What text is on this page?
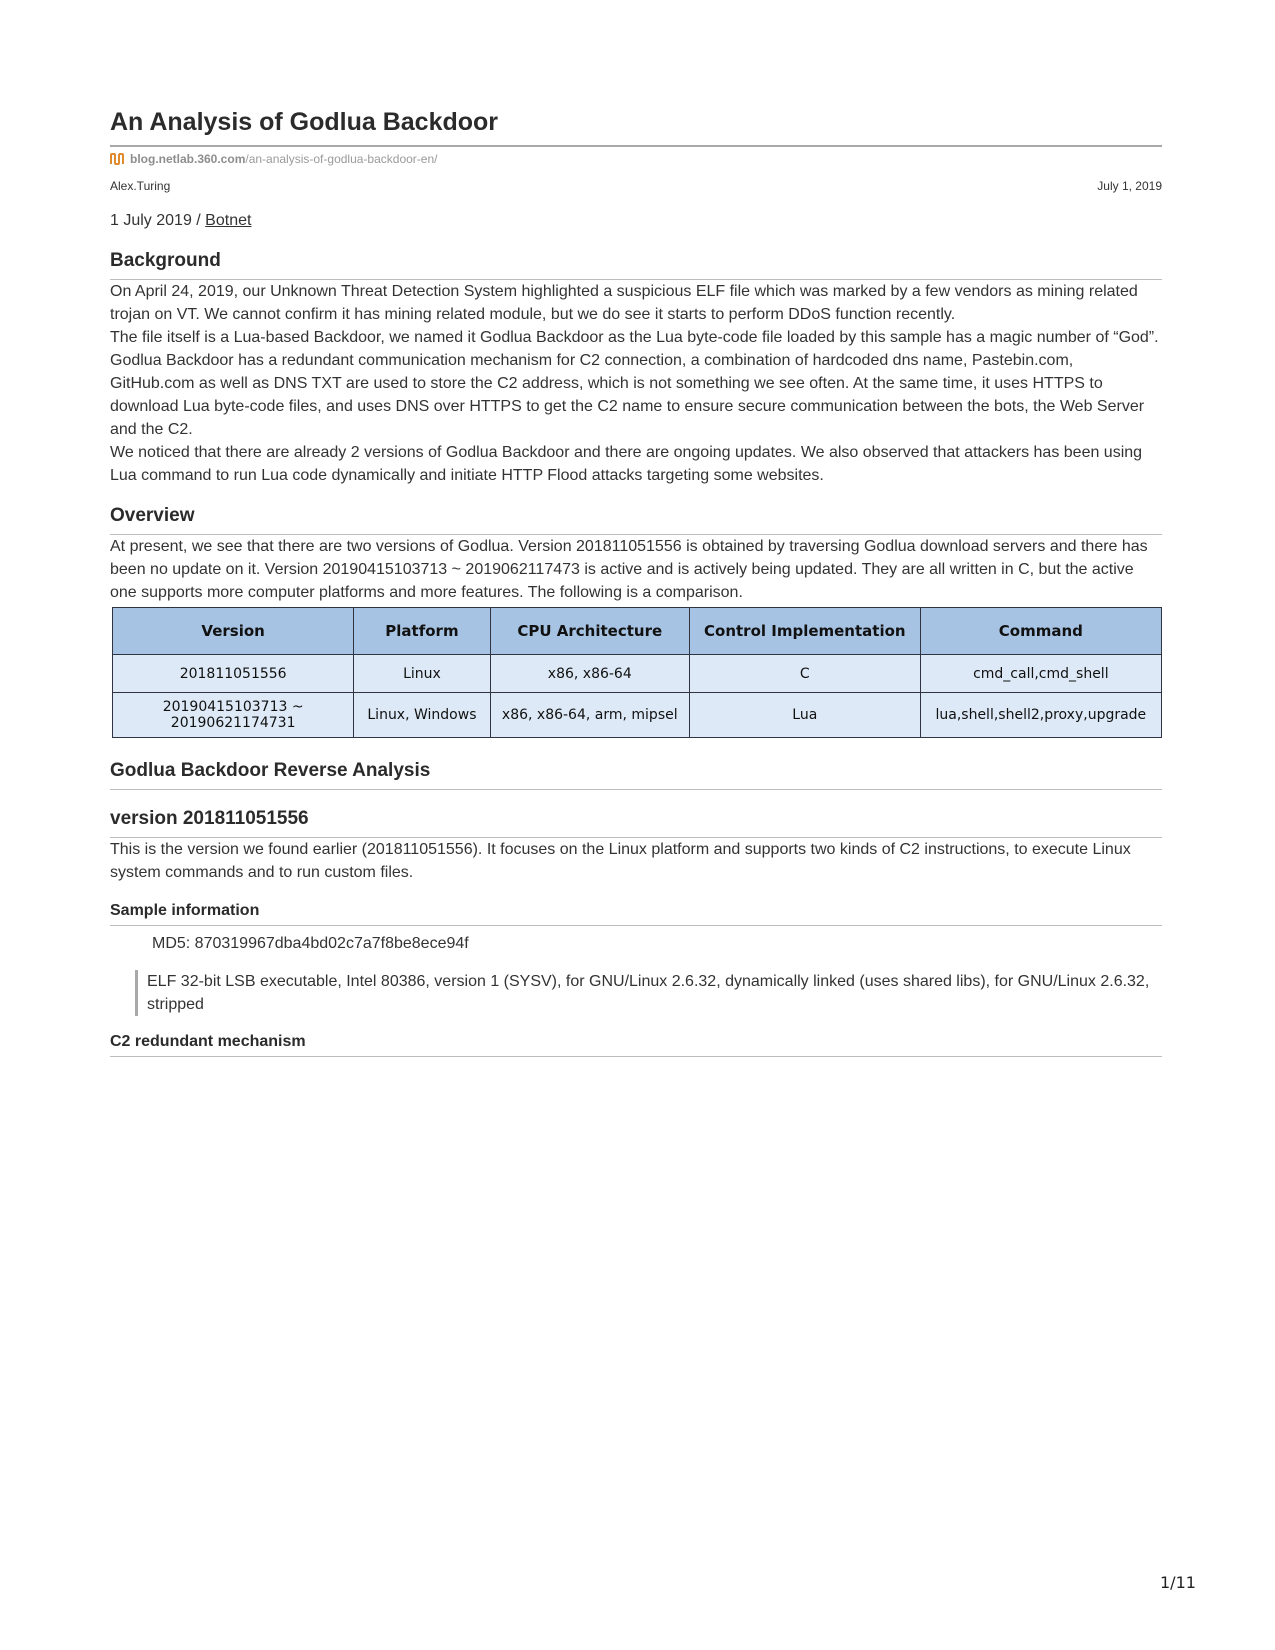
An Analysis of Godlua Backdoor
blog.netlab.360.com /an-analysis-of-godlua-backdoor-en/
Alex.Turing	July 1, 2019
1 July 2019 / Botnet
Background

On April 24, 2019, our Unknown Threat Detection System highlighted a suspicious ELF file which was marked by a few vendors as mining related trojan on VT. We cannot confirm it has mining related module, but we do see it starts to perform DDoS function recently.

The file itself is a Lua-based Backdoor, we named it Godlua Backdoor as the Lua byte-code file loaded by this sample has a magic number of “God”.

Godlua Backdoor has a redundant communication mechanism for C2 connection, a combination of hardcoded dns name, Pastebin.com, GitHub.com as well as DNS TXT are used to store the C2 address, which is not something we see often. At the same time, it uses HTTPS to download Lua byte-code files, and uses DNS over HTTPS to get the C2 name to ensure secure communication between the bots, the Web Server and the C2.

We noticed that there are already 2 versions of Godlua Backdoor and there are ongoing updates. We also observed that attackers has been using Lua command to run Lua code dynamically and initiate HTTP Flood attacks targeting some websites.

Overview

At present, we see that there are two versions of Godlua. Version 201811051556 is obtained by traversing Godlua download servers and there has been no update on it. Version 20190415103713 ~ 2019062117473 is active and is actively being updated. They are all written in C, but the active one supports more computer platforms and more features. The following is a comparison.

Version	Platform	CPU Architecture	Control Implementation	Command
201811051556	Linux	x86, x86-64	C	cmd_call,cmd_shell
20190415103713 ~ 20190621174731	Linux, Windows	x86, x86-64, arm, mipsel	Lua	lua,shell,shell2,proxy,upgrade
Godlua Backdoor Reverse Analysis
version 201811051556

This is the version we found earlier (201811051556). It focuses on the Linux platform and supports two kinds of C2 instructions, to execute Linux system commands and to run custom files.

Sample information
MD5: 870319967dba4bd02c7a7f8be8ece94f
ELF 32-bit LSB executable, Intel 80386, version 1 (SYSV), for GNU/Linux 2.6.32, dynamically linked (uses shared libs), for GNU/Linux 2.6.32, stripped
C2 redundant mechanism
1/11
